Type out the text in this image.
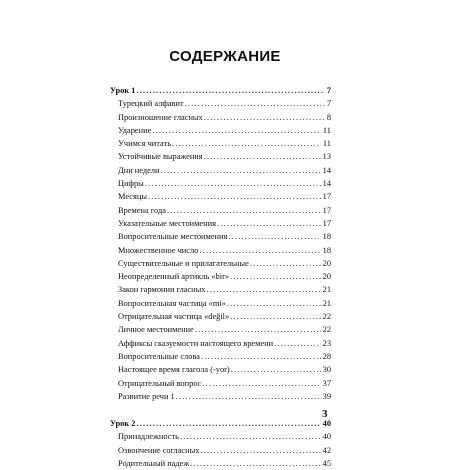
СОДЕРЖАНИЕ
Урок 1 .....	7
Турецкий алфавит .....	7
Произношение гласных .....	8
Ударение .....	11
Учимся читать .....	11
Устойчивые выражения .....	13
Дни недели .....	14
Цифры .....	14
Месяцы .....	17
Времена года .....	17
Указательные местоимения .....	17
Вопросительные местоимения .....	18
Множественное число .....	18
Существительные и прилагательные .....	20
Неопределенный артикль «bir» .....	20
Закон гармонии гласных .....	21
Вопросительная частица «mi» .....	21
Отрицательная частица «değil» .....	22
Личное местоимение .....	22
Аффиксы сказуемости настоящего времени .....	23
Вопросительные слова .....	28
Настоящее время глагола (-yor) .....	30
Отрицательный вопрос .....	37
Развитие речи 1 .....	39
Урок 2 .....	40
Принадлежность .....	40
Озвончение согласных .....	42
Родительный падеж .....	45
3
